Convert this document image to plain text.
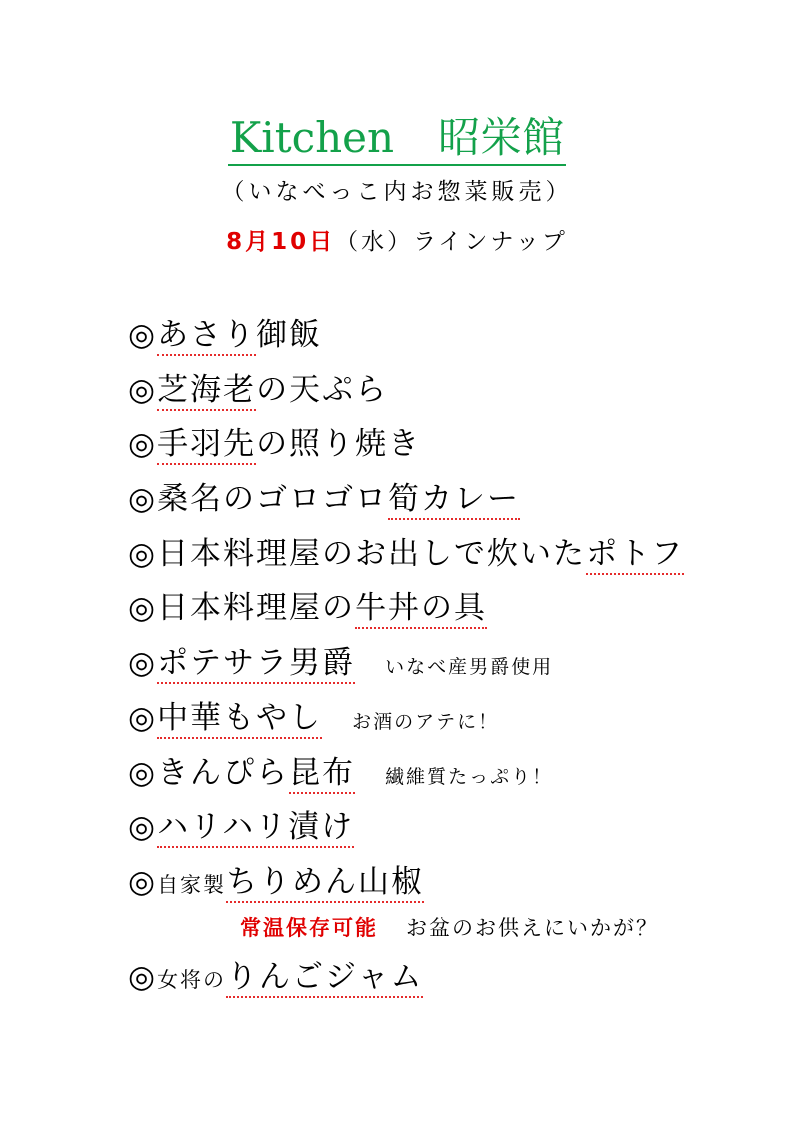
Kitchen 昭栄館
（いなべっこ内お惣菜販売）
8月10日（水）ラインナップ
◎あさり御飯
◎芝海老の天ぷら
◎手羽先の照り焼き
◎桑名のゴロゴロ筍カレー
◎日本料理屋のお出しで炊いたポトフ
◎日本料理屋の牛丼の具
◎ポテサラ男爵 いなべ産男爵使用
◎中華もやし お酒のアテに！
◎きんぴら昆布 繊維質たっぷり！
◎ハリハリ漬け
◎自家製ちりめん山椒
常温保存可能 お盆のお供えにいかが？
◎女将のりんごジャム
